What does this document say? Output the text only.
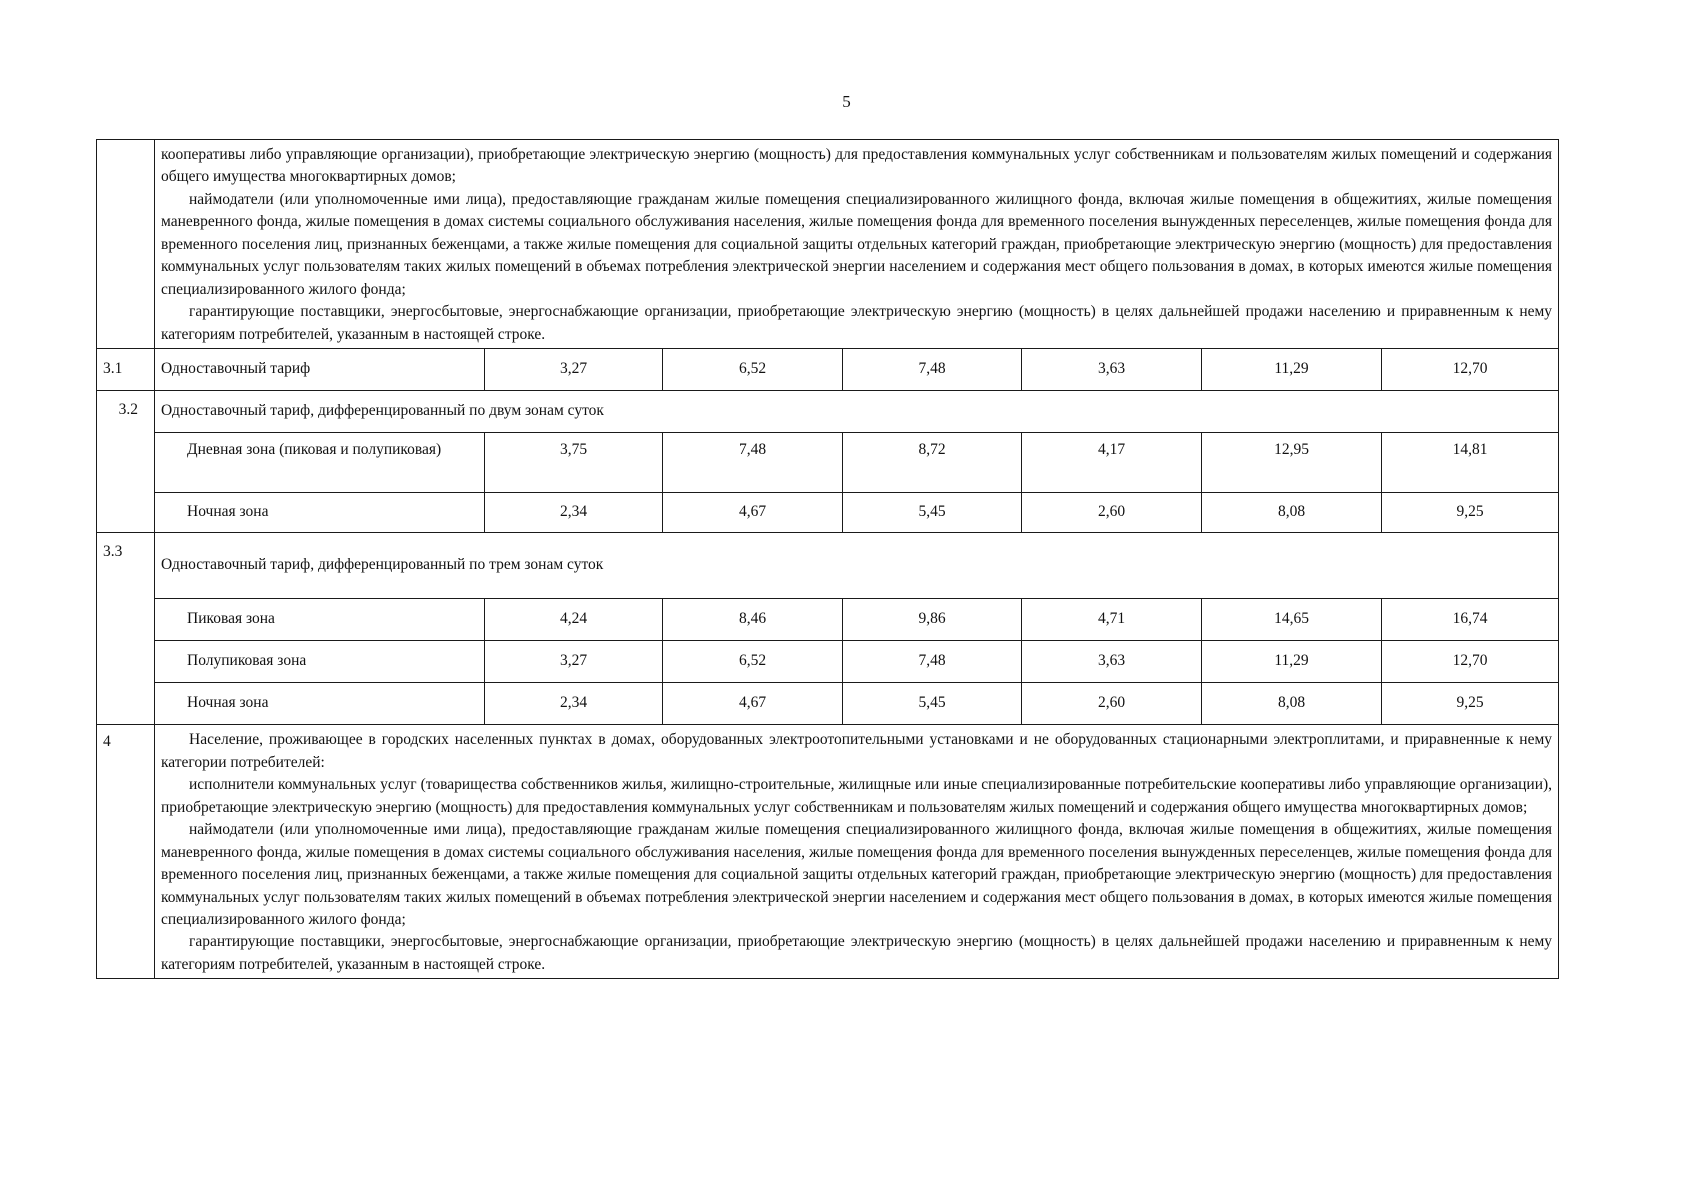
5

	кооперативы либо управляющие организации), приобретающие электрическую энергию (мощность) для предоставления коммунальных услуг собственникам и пользователям жилых помещений и содержания общего имущества многоквартирных домов;

наймодатели (или уполномоченные ими лица), предоставляющие гражданам жилые помещения специализированного жилищного фонда, включая жилые помещения в общежитиях, жилые помещения маневренного фонда, жилые помещения в домах системы социального обслуживания населения, жилые помещения фонда для временного поселения вынужденных переселенцев, жилые помещения фонда для временного поселения лиц, признанных беженцами, а также жилые помещения для социальной защиты отдельных категорий граждан, приобретающие электрическую энергию (мощность) для предоставления коммунальных услуг пользователям таких жилых помещений в объемах потребления электрической энергии населением и содержания мест общего пользования в домах, в которых имеются жилые помещения специализированного жилого фонда;

гарантирующие поставщики, энергосбытовые, энергоснабжающие организации, приобретающие электрическую энергию (мощность) в целях дальнейшей продажи населению и приравненным к нему категориям потребителей, указанным в настоящей строке.						

3.1	Одноставочный тариф	3,27	6,52	7,48	3,63	11,29	12,70
3.2	Одноставочный тариф, дифференцированный по двум зонам суток						
	Дневная зона (пиковая и полупиковая)	3,75	7,48	8,72	4,17	12,95	14,81
	Ночная зона	2,34	4,67	5,45	2,60	8,08	9,25
3.3	Одноставочный тариф, дифференцированный по трем зонам суток						
	Пиковая зона	4,24	8,46	9,86	4,71	14,65	16,74
	Полупиковая зона	3,27	6,52	7,48	3,63	11,29	12,70
	Ночная зона	2,34	4,67	5,45	2,60	8,08	9,25
4	Население, проживающее в городских населенных пунктах в домах, оборудованных электроотопительными установками и не оборудованных стационарными электроплитами, и приравненные к нему категории потребителей:

исполнители коммунальных услуг (товарищества собственников жилья, жилищно-строительные, жилищные или иные специализированные потребительские кооперативы либо управляющие организации), приобретающие электрическую энергию (мощность) для предоставления коммунальных услуг собственникам и пользователям жилых помещений и содержания общего имущества многоквартирных домов;

наймодатели (или уполномоченные ими лица), предоставляющие гражданам жилые помещения специализированного жилищного фонда, включая жилые помещения в общежитиях, жилые помещения маневренного фонда, жилые помещения в домах системы социального обслуживания населения, жилые помещения фонда для временного поселения вынужденных переселенцев, жилые помещения фонда для временного поселения лиц, признанных беженцами, а также жилые помещения для социальной защиты отдельных категорий граждан, приобретающие электрическую энергию (мощность) для предоставления коммунальных услуг пользователям таких жилых помещений в объемах потребления электрической энергии населением и содержания мест общего пользования в домах, в которых имеются жилые помещения специализированного жилого фонда;

гарантирующие поставщики, энергосбытовые, энергоснабжающие организации, приобретающие электрическую энергию (мощность) в целях дальнейшей продажи населению и приравненным к нему категориям потребителей, указанным в настоящей строке.						
